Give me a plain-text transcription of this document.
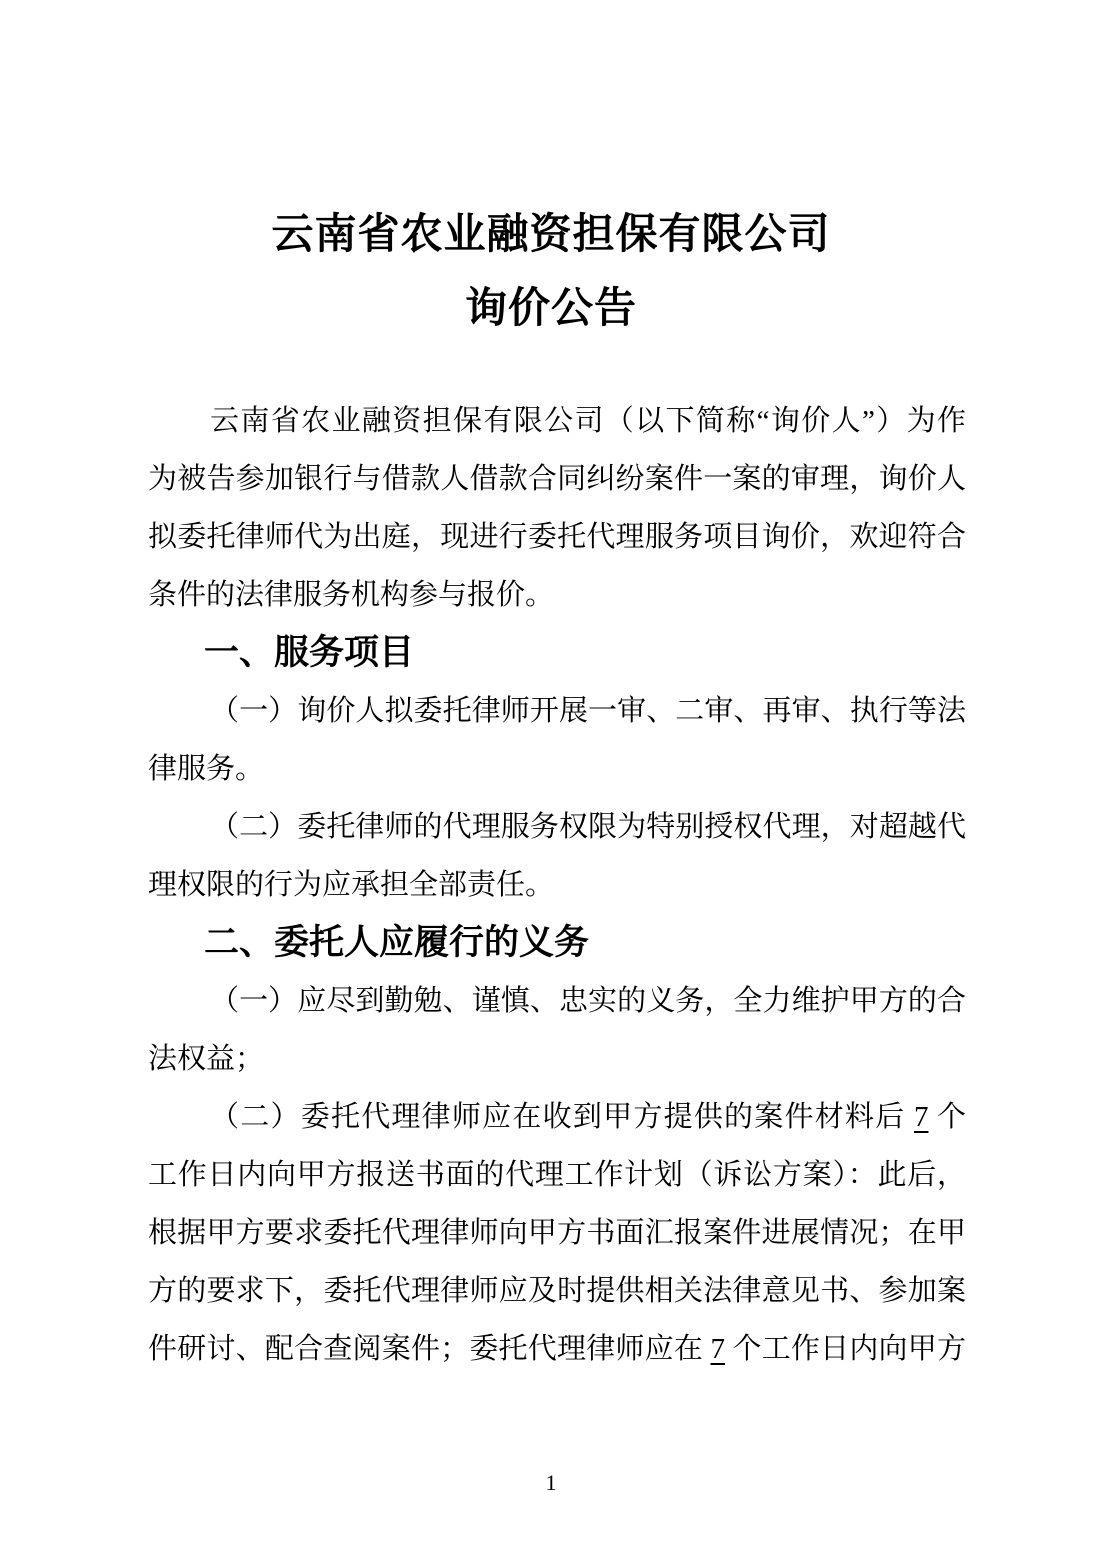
云南省农业融资担保有限公司
询价公告
云南省农业融资担保有限公司（以下简称“询价人”）为作
为被告参加银行与借款人借款合同纠纷案件一案的审理，询价人
拟委托律师代为出庭，现进行委托代理服务项目询价，欢迎符合
条件的法律服务机构参与报价。
一、服务项目
（一）询价人拟委托律师开展一审、二审、再审、执行等法
律服务。
（二）委托律师的代理服务权限为特别授权代理，对超越代
理权限的行为应承担全部责任。
二、委托人应履行的义务
（一）应尽到勤勉、谨慎、忠实的义务，全力维护甲方的合
法权益；
（二）委托代理律师应在收到甲方提供的案件材料后 7 个
工作日内向甲方报送书面的代理工作计划（诉讼方案）：此后，
根据甲方要求委托代理律师向甲方书面汇报案件进展情况；在甲
方的要求下，委托代理律师应及时提供相关法律意见书、参加案
件研讨、配合查阅案件；委托代理律师应在 7 个工作日内向甲方
1
